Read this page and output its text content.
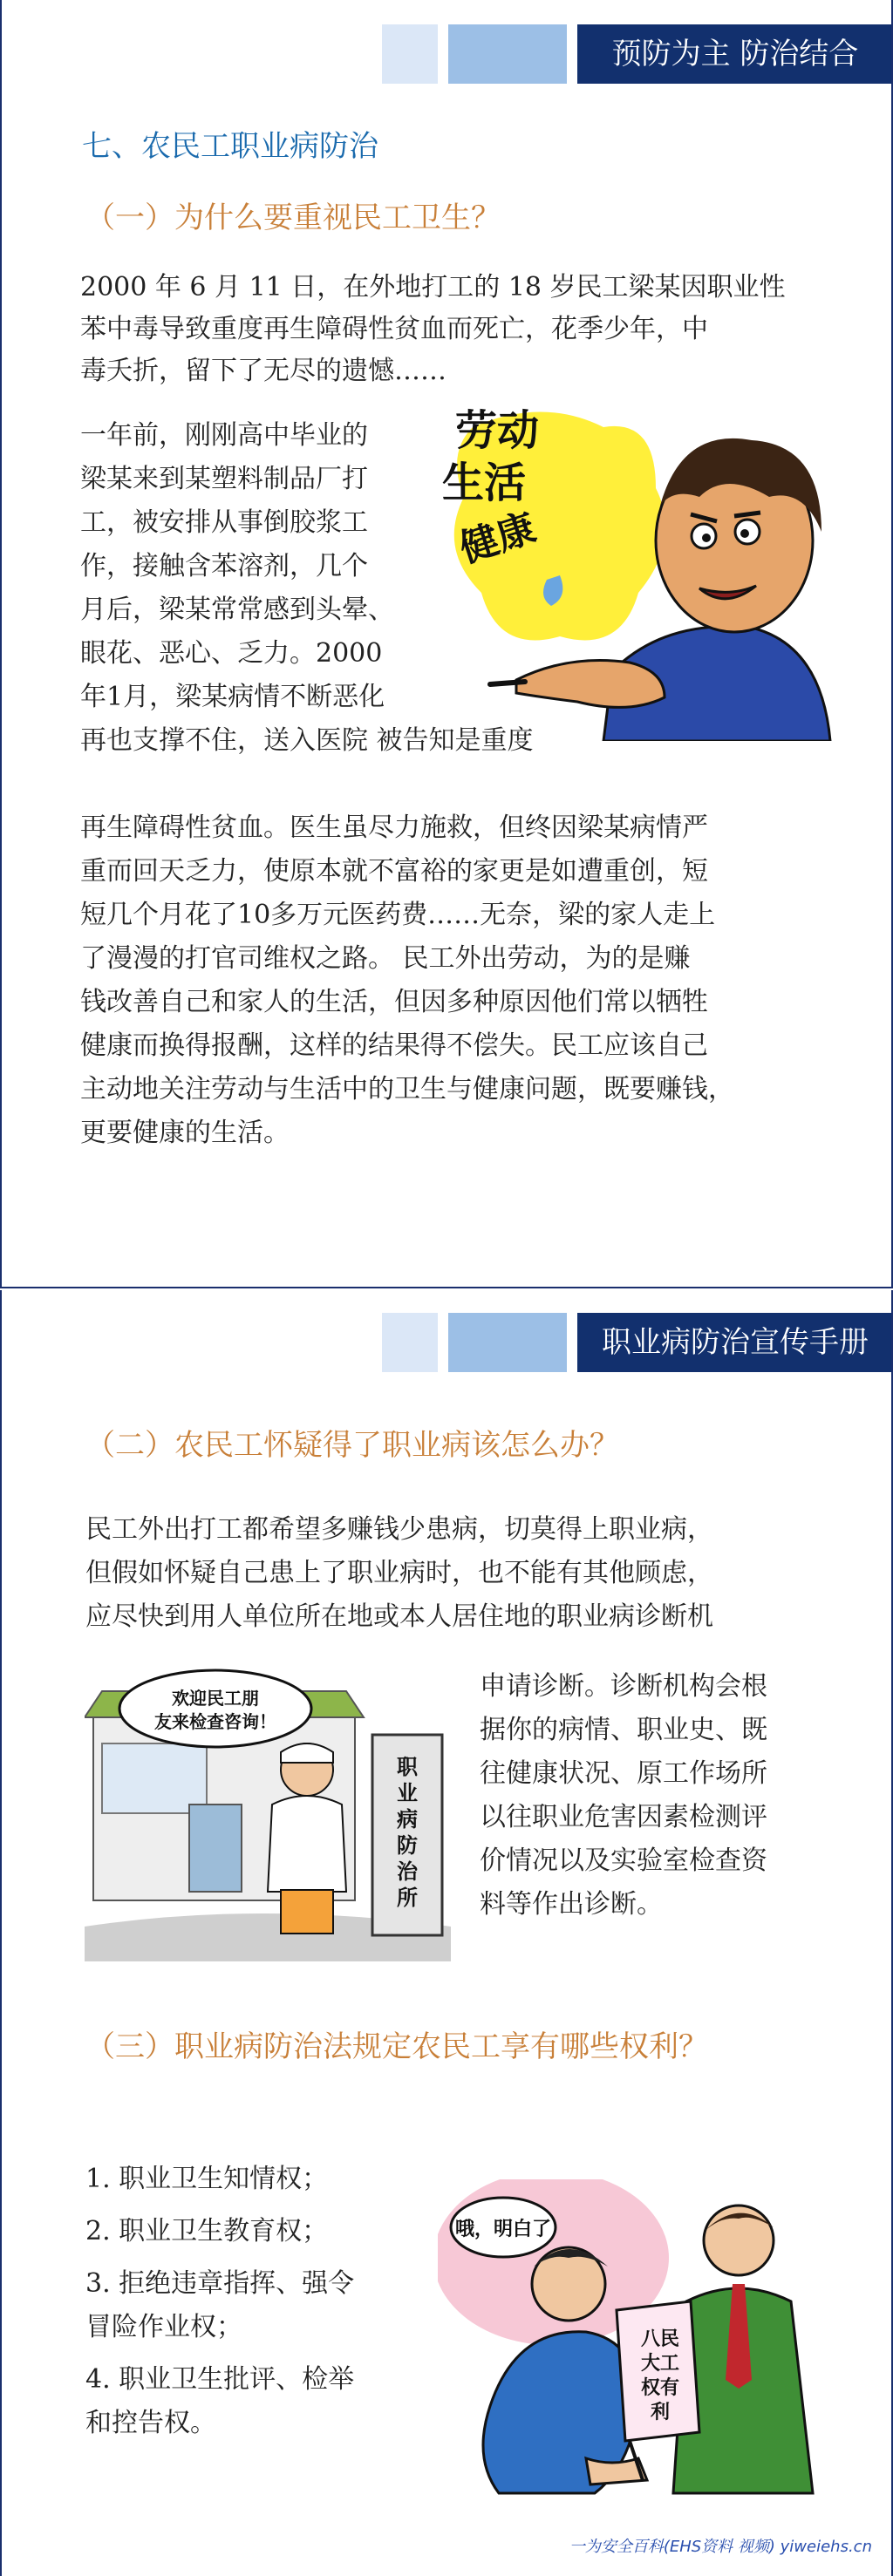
预防为主 防治结合
七、农民工职业病防治
（一）为什么要重视民工卫生？
2000 年 6 月 11 日，在外地打工的 18 岁民工梁某因职业性
苯中毒导致重度再生障碍性贫血而死亡，花季少年，中
毒夭折，留下了无尽的遗憾……
一年前，刚刚高中毕业的
梁某来到某塑料制品厂打
工，被安排从事倒胶浆工
作，接触含苯溶剂，几个
月后，梁某常常感到头晕、
眼花、恶心、乏力。2000
年1月，梁某病情不断恶化
再也支撑不住，送入医院 被告知是重度
劳动
生活
健康
再生障碍性贫血。医生虽尽力施救，但终因梁某病情严
重而回天乏力，使原本就不富裕的家更是如遭重创，短
短几个月花了10多万元医药费……无奈，梁的家人走上
了漫漫的打官司维权之路。 民工外出劳动，为的是赚
钱改善自己和家人的生活，但因多种原因他们常以牺牲
健康而换得报酬，这样的结果得不偿失。民工应该自己
主动地关注劳动与生活中的卫生与健康问题，既要赚钱，
更要健康的生活。
职业病防治宣传手册
（二）农民工怀疑得了职业病该怎么办？
民工外出打工都希望多赚钱少患病，切莫得上职业病，
但假如怀疑自己患上了职业病时，也不能有其他顾虑，
应尽快到用人单位所在地或本人居住地的职业病诊断机
职
业
病
防
治
所
欢迎民工朋
友来检查咨询！
申请诊断。诊断机构会根
据你的病情、职业史、既
往健康状况、原工作场所
以往职业危害因素检测评
价情况以及实验室检查资
料等作出诊断。
（三）职业病防治法规定农民工享有哪些权利？
1. 职业卫生知情权；
2. 职业卫生教育权；
3. 拒绝违章指挥、强令
冒险作业权；
4. 职业卫生批评、检举
和控告权。
哦，明白了
八民
大工
权有
利
一为安全百科(EHS资料 视频) yiweiehs.cn
